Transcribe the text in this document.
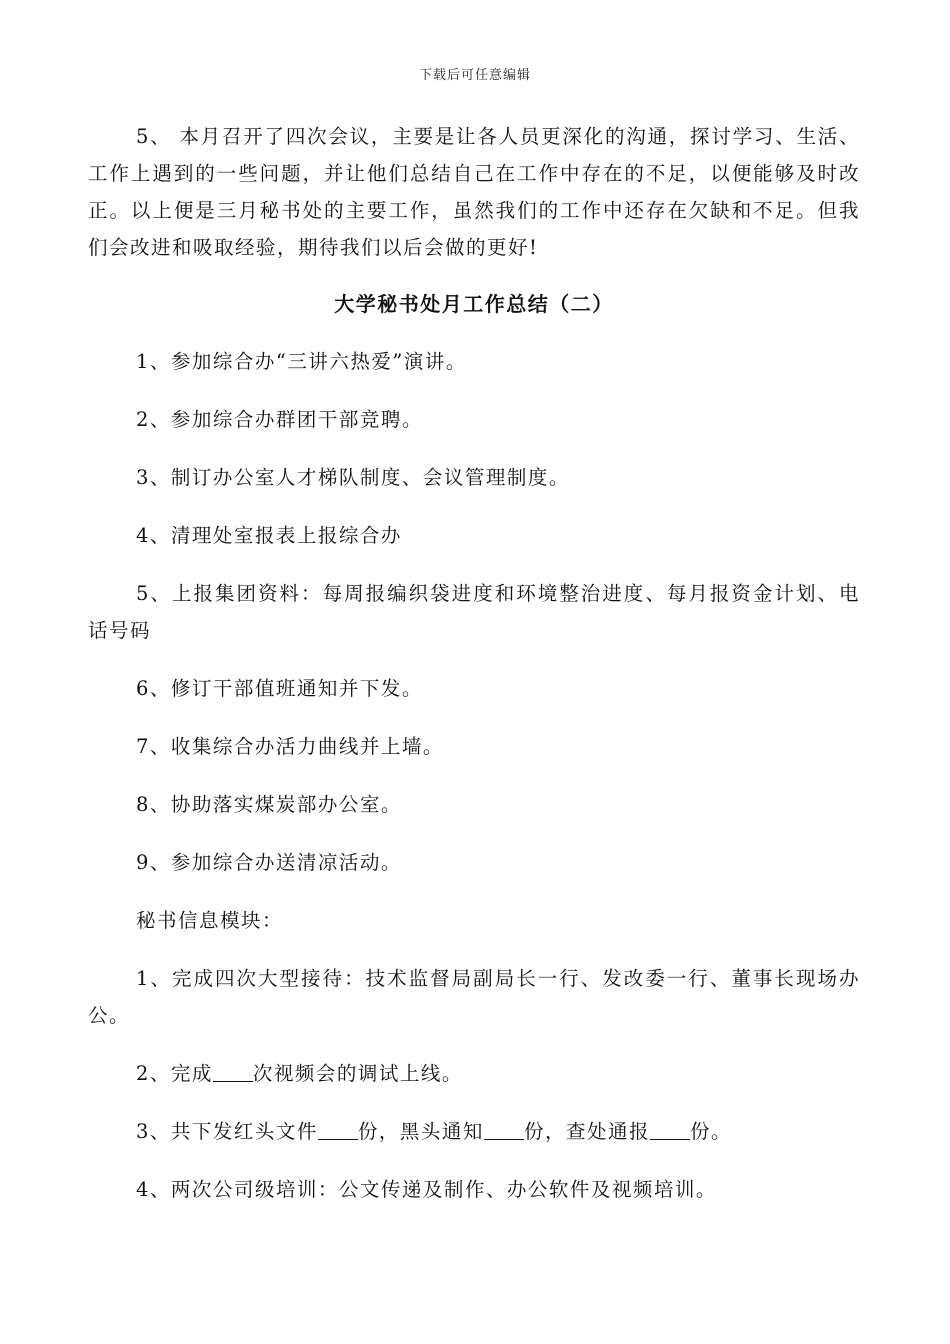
下载后可任意编辑

5、 本月召开了四次会议，主要是让各人员更深化的沟通，探讨学习、生活、工作上遇到的一些问题，并让他们总结自己在工作中存在的不足，以便能够及时改正。以上便是三月秘书处的主要工作，虽然我们的工作中还存在欠缺和不足。但我们会改进和吸取经验，期待我们以后会做的更好!

大学秘书处月工作总结（二）

1、参加综合办“三讲六热爱”演讲。

2、参加综合办群团干部竞聘。

3、制订办公室人才梯队制度、会议管理制度。

4、清理处室报表上报综合办

5、上报集团资料：每周报编织袋进度和环境整治进度、每月报资金计划、电话号码

6、修订干部值班通知并下发。

7、收集综合办活力曲线并上墙。

8、协助落实煤炭部办公室。

9、参加综合办送清凉活动。

秘书信息模块：

1、完成四次大型接待：技术监督局副局长一行、发改委一行、董事长现场办公。

2、完成 次视频会的调试上线。

3、共下发红头文件 份，黑头通知 份，查处通报 份。

4、两次公司级培训：公文传递及制作、办公软件及视频培训。
